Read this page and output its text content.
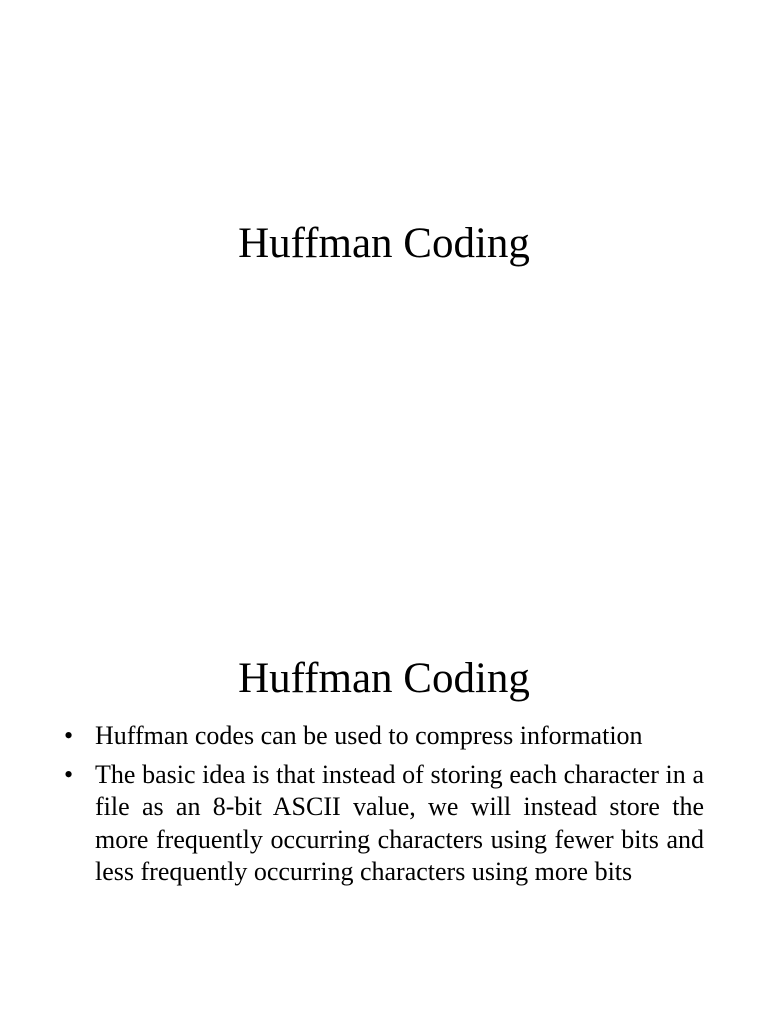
Huffman Coding
Huffman Coding
• Huffman codes can be used to compress information
• The basic idea is that instead of storing each character in a file as an 8-bit ASCII value, we will instead store the more frequently occurring characters using fewer bits and less frequently occurring characters using more bits
